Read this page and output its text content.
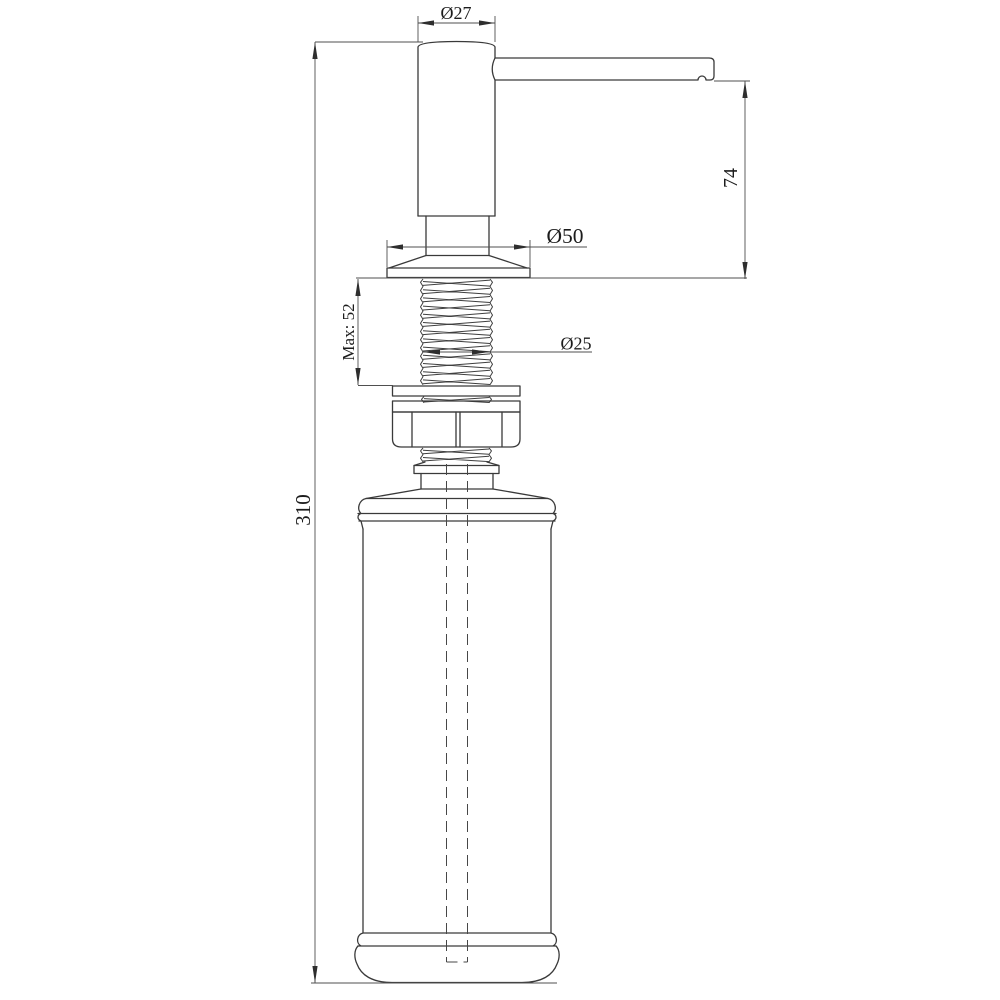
Ø27
Ø50
Ø25
74
Max: 52
310
